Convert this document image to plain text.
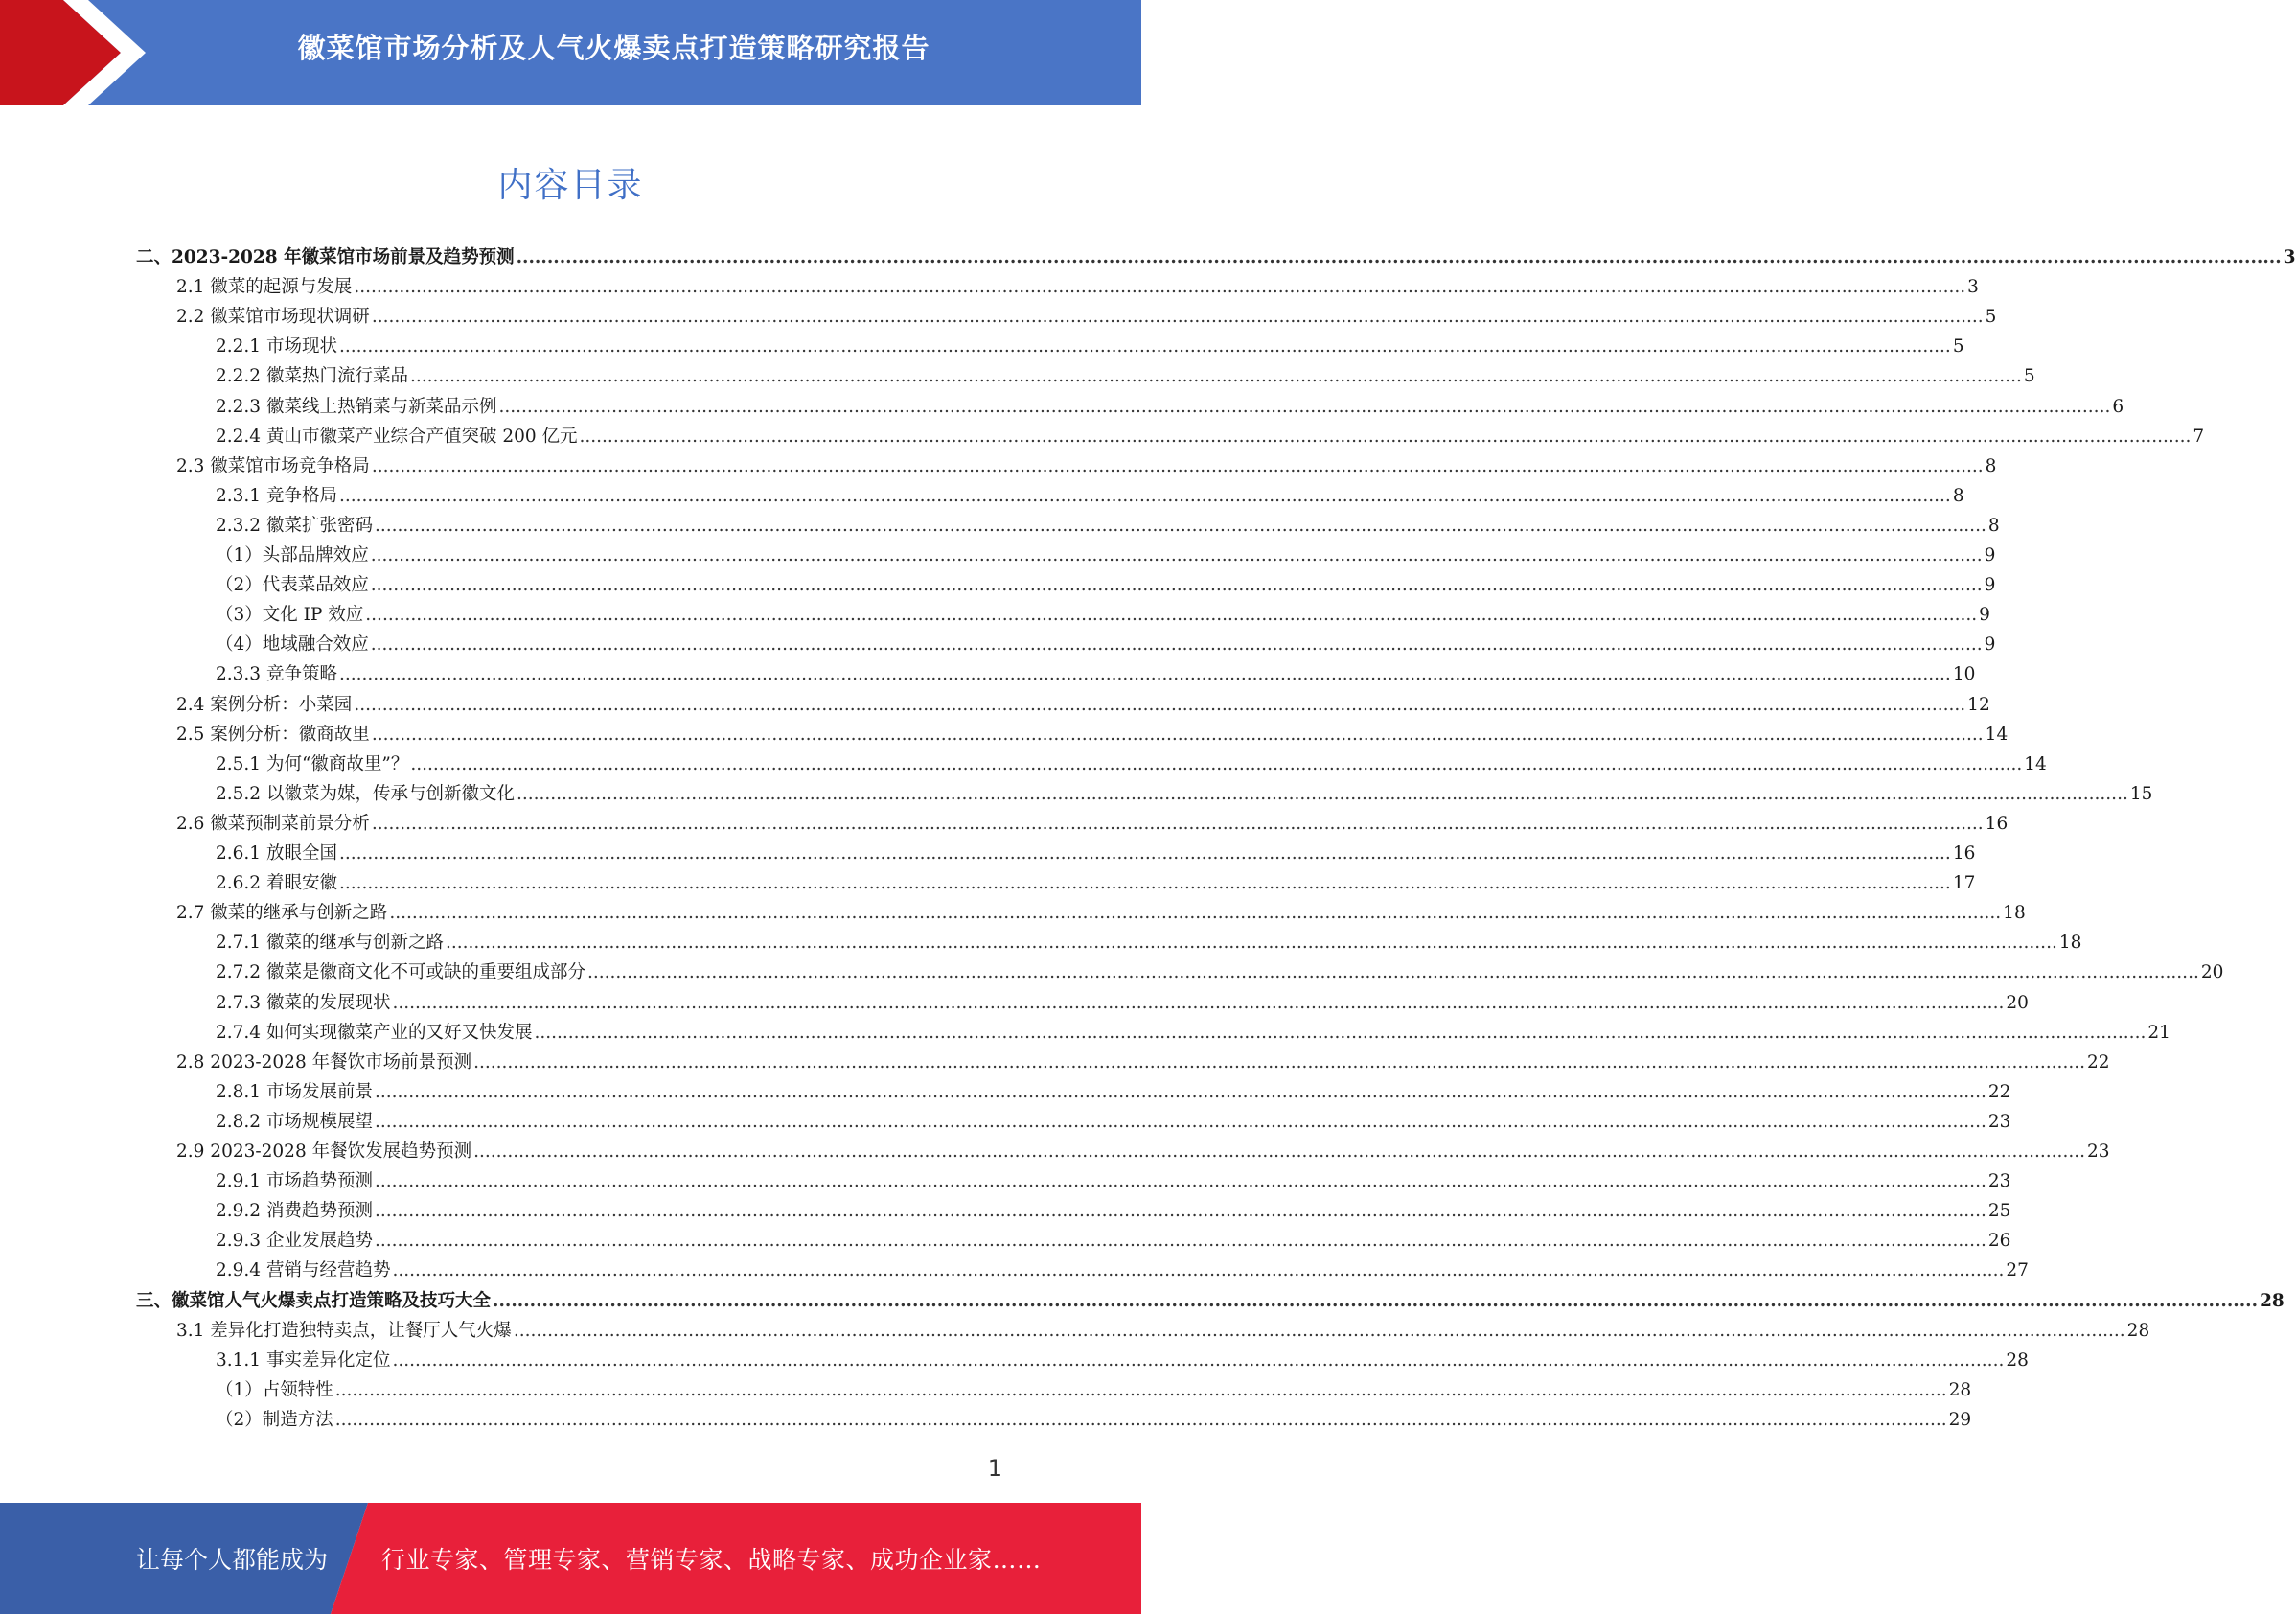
徽菜馆市场分析及人气火爆卖点打造策略研究报告
内容目录
二、2023-2028 年徽菜馆市场前景及趋势预测 .............................................................................................................................................................................................................................................................................................. 3
2.1 徽菜的起源与发展 .............................................................................................................................................................................................................................................................................................. 3
2.2 徽菜馆市场现状调研 .............................................................................................................................................................................................................................................................................................. 5
2.2.1 市场现状 .............................................................................................................................................................................................................................................................................................. 5
2.2.2 徽菜热门流行菜品 .............................................................................................................................................................................................................................................................................................. 5
2.2.3 徽菜线上热销菜与新菜品示例 .............................................................................................................................................................................................................................................................................................. 6
2.2.4 黄山市徽菜产业综合产值突破 200 亿元 .............................................................................................................................................................................................................................................................................................. 7
2.3 徽菜馆市场竞争格局 .............................................................................................................................................................................................................................................................................................. 8
2.3.1 竞争格局 .............................................................................................................................................................................................................................................................................................. 8
2.3.2 徽菜扩张密码 .............................................................................................................................................................................................................................................................................................. 8
（1）头部品牌效应 .............................................................................................................................................................................................................................................................................................. 9
（2）代表菜品效应 .............................................................................................................................................................................................................................................................................................. 9
（3）文化 IP 效应 .............................................................................................................................................................................................................................................................................................. 9
（4）地域融合效应 .............................................................................................................................................................................................................................................................................................. 9
2.3.3 竞争策略 .............................................................................................................................................................................................................................................................................................. 10
2.4 案例分析：小菜园 .............................................................................................................................................................................................................................................................................................. 12
2.5 案例分析：徽商故里 .............................................................................................................................................................................................................................................................................................. 14
2.5.1 为何“徽商故里”？ .............................................................................................................................................................................................................................................................................................. 14
2.5.2 以徽菜为媒，传承与创新徽文化 .............................................................................................................................................................................................................................................................................................. 15
2.6 徽菜预制菜前景分析 .............................................................................................................................................................................................................................................................................................. 16
2.6.1 放眼全国 .............................................................................................................................................................................................................................................................................................. 16
2.6.2 着眼安徽 .............................................................................................................................................................................................................................................................................................. 17
2.7 徽菜的继承与创新之路 .............................................................................................................................................................................................................................................................................................. 18
2.7.1 徽菜的继承与创新之路 .............................................................................................................................................................................................................................................................................................. 18
2.7.2 徽菜是徽商文化不可或缺的重要组成部分 .............................................................................................................................................................................................................................................................................................. 20
2.7.3 徽菜的发展现状 .............................................................................................................................................................................................................................................................................................. 20
2.7.4 如何实现徽菜产业的又好又快发展 .............................................................................................................................................................................................................................................................................................. 21
2.8 2023-2028 年餐饮市场前景预测 .............................................................................................................................................................................................................................................................................................. 22
2.8.1 市场发展前景 .............................................................................................................................................................................................................................................................................................. 22
2.8.2 市场规模展望 .............................................................................................................................................................................................................................................................................................. 23
2.9 2023-2028 年餐饮发展趋势预测 .............................................................................................................................................................................................................................................................................................. 23
2.9.1 市场趋势预测 .............................................................................................................................................................................................................................................................................................. 23
2.9.2 消费趋势预测 .............................................................................................................................................................................................................................................................................................. 25
2.9.3 企业发展趋势 .............................................................................................................................................................................................................................................................................................. 26
2.9.4 营销与经营趋势 .............................................................................................................................................................................................................................................................................................. 27
三、徽菜馆人气火爆卖点打造策略及技巧大全 .............................................................................................................................................................................................................................................................................................. 28
3.1 差异化打造独特卖点，让餐厅人气火爆 .............................................................................................................................................................................................................................................................................................. 28
3.1.1 事实差异化定位 .............................................................................................................................................................................................................................................................................................. 28
（1）占领特性 .............................................................................................................................................................................................................................................................................................. 28
（2）制造方法 .............................................................................................................................................................................................................................................................................................. 29
1
让每个人都能成为 行业专家、管理专家、营销专家、战略专家、成功企业家……
